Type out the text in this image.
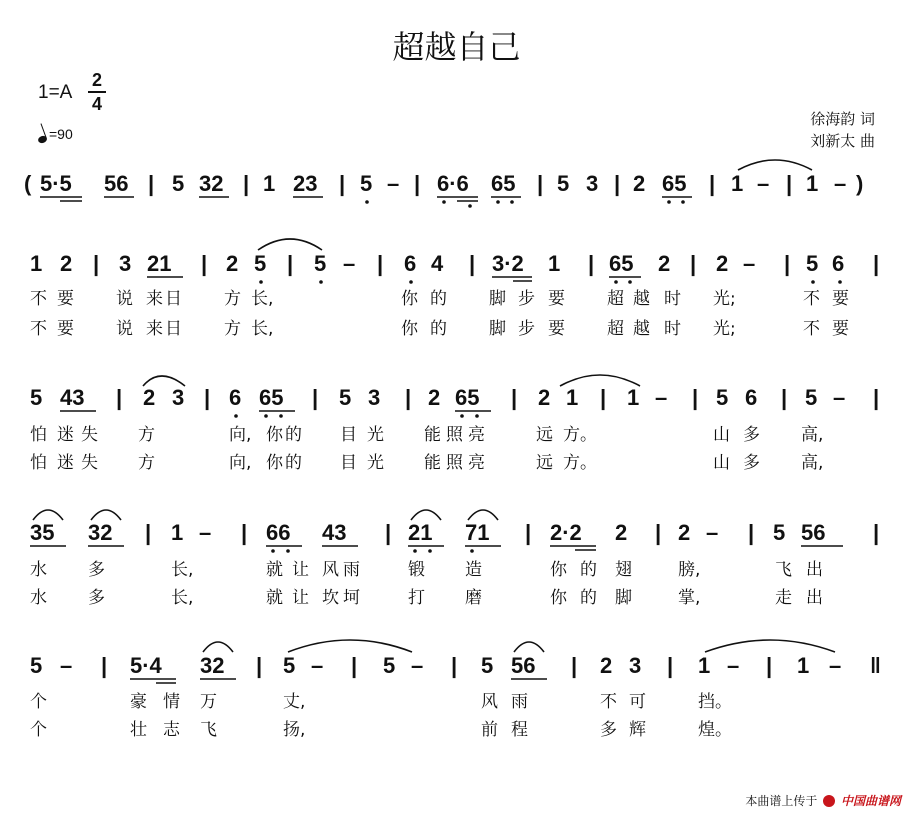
超越自己
1=A
2
4
=90
徐海韵 词
刘新太 曲
( 5·5 56 | 5 32 | 1 23 | 5 – | 6·6 65 | 5 3 | 2 65 | 1 – | 1 – )
1 2 | 3 21 | 2 5 | 5 – | 6 4 | 3·2 1 | 65 2 | 2 – | 5 6 |
不 要 说 来 日 方 长,	你 的 脚 步 要 超 越 时 光;	不 要
不 要 说 来 日 方 长,	你 的 脚 步 要 超 越 时 光;	不 要
5 43 | 2 3 | 6 65 | 5 3 | 2 65 | 2 1 | 1 – | 5 6 | 5 – |
怕 迷 失 方	向, 你 的 目 光 能 照 亮	远 方。	山 多 高,
怕 迷 失 方	向, 你 的 目 光 能 照 亮	远 方。	山 多 高,
35 32 | 1 – | 66 43 | 21 71 | 2·2 2 | 2 – | 5 56 |
水 多	长,	就 让 风 雨	锻 造	你 的 翅	膀,	飞 出
水 多	长,	就 让 坎 坷	打 磨	你 的 脚	掌,	走 出
5 – | 5·4 32 | 5 – | 5 – | 5 56 | 2 3 | 1 – | 1 – ‖
个	豪 情 万	丈,	风 雨	不 可	挡。
个	壮 志 飞	扬,	前 程	多 辉	煌。
本曲谱上传于 中国曲谱网
